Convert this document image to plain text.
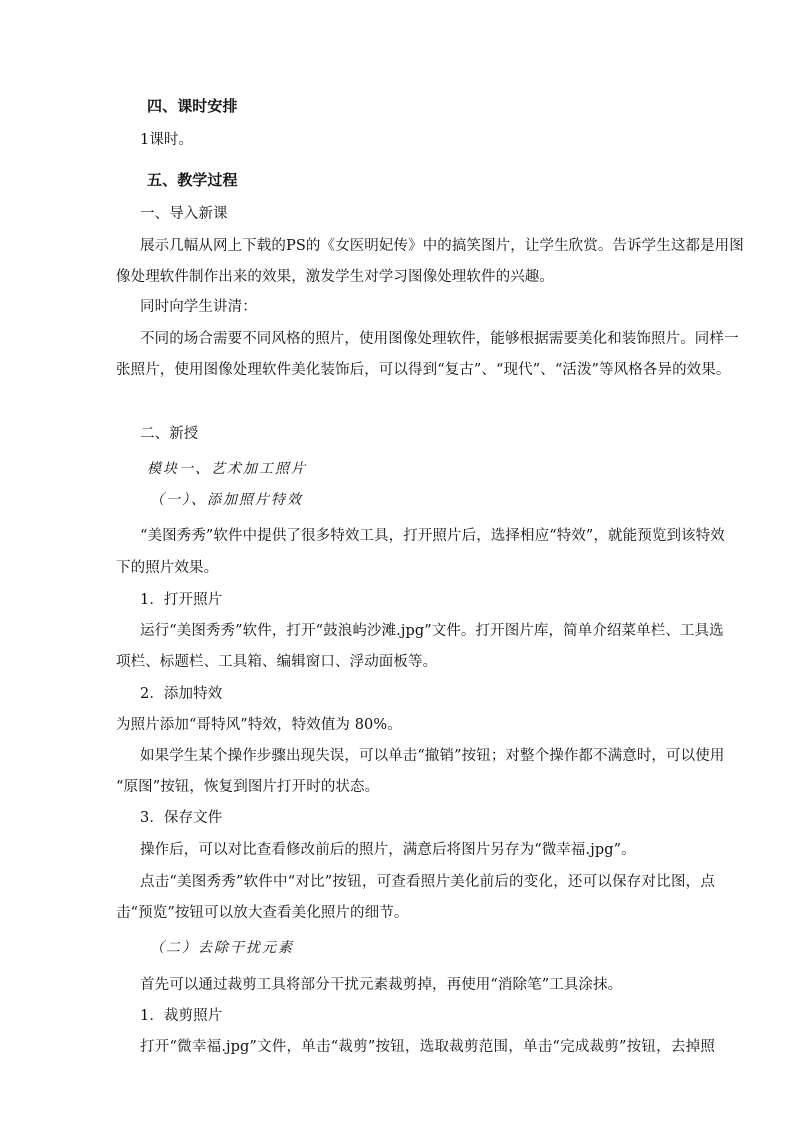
四、课时安排

1课时。

五、教学过程

一、导入新课

展示几幅从网上下载的PS的《女医明妃传》中的搞笑图片，让学生欣赏。告诉学生这都是用图

像处理软件制作出来的效果，激发学生对学习图像处理软件的兴趣。

同时向学生讲清：

不同的场合需要不同风格的照片，使用图像处理软件，能够根据需要美化和装饰照片。同样一

张照片，使用图像处理软件美化装饰后，可以得到“复古”、“现代”、“活泼”等风格各异的效果。

二、新授

模块一、艺术加工照片

（一）、添加照片特效

“美图秀秀”软件中提供了很多特效工具，打开照片后，选择相应“特效”，就能预览到该特效

下的照片效果。

1．打开照片

运行“美图秀秀”软件，打开“鼓浪屿沙滩.jpg”文件。打开图片库，简单介绍菜单栏、工具选

项栏、标题栏、工具箱、编辑窗口、浮动面板等。

2．添加特效

为照片添加“哥特风”特效，特效值为 80%。

如果学生某个操作步骤出现失误，可以单击“撤销”按钮；对整个操作都不满意时，可以使用

“原图”按钮，恢复到图片打开时的状态。

3．保存文件

操作后，可以对比查看修改前后的照片，满意后将图片另存为“微幸福.jpg”。

点击“美图秀秀”软件中“对比”按钮，可查看照片美化前后的变化，还可以保存对比图，点

击“预览”按钮可以放大查看美化照片的细节。

（二）去除干扰元素

首先可以通过裁剪工具将部分干扰元素裁剪掉，再使用“消除笔”工具涂抹。

1．裁剪照片

打开“微幸福.jpg”文件，单击“裁剪”按钮，选取裁剪范围，单击“完成裁剪”按钮，去掉照
